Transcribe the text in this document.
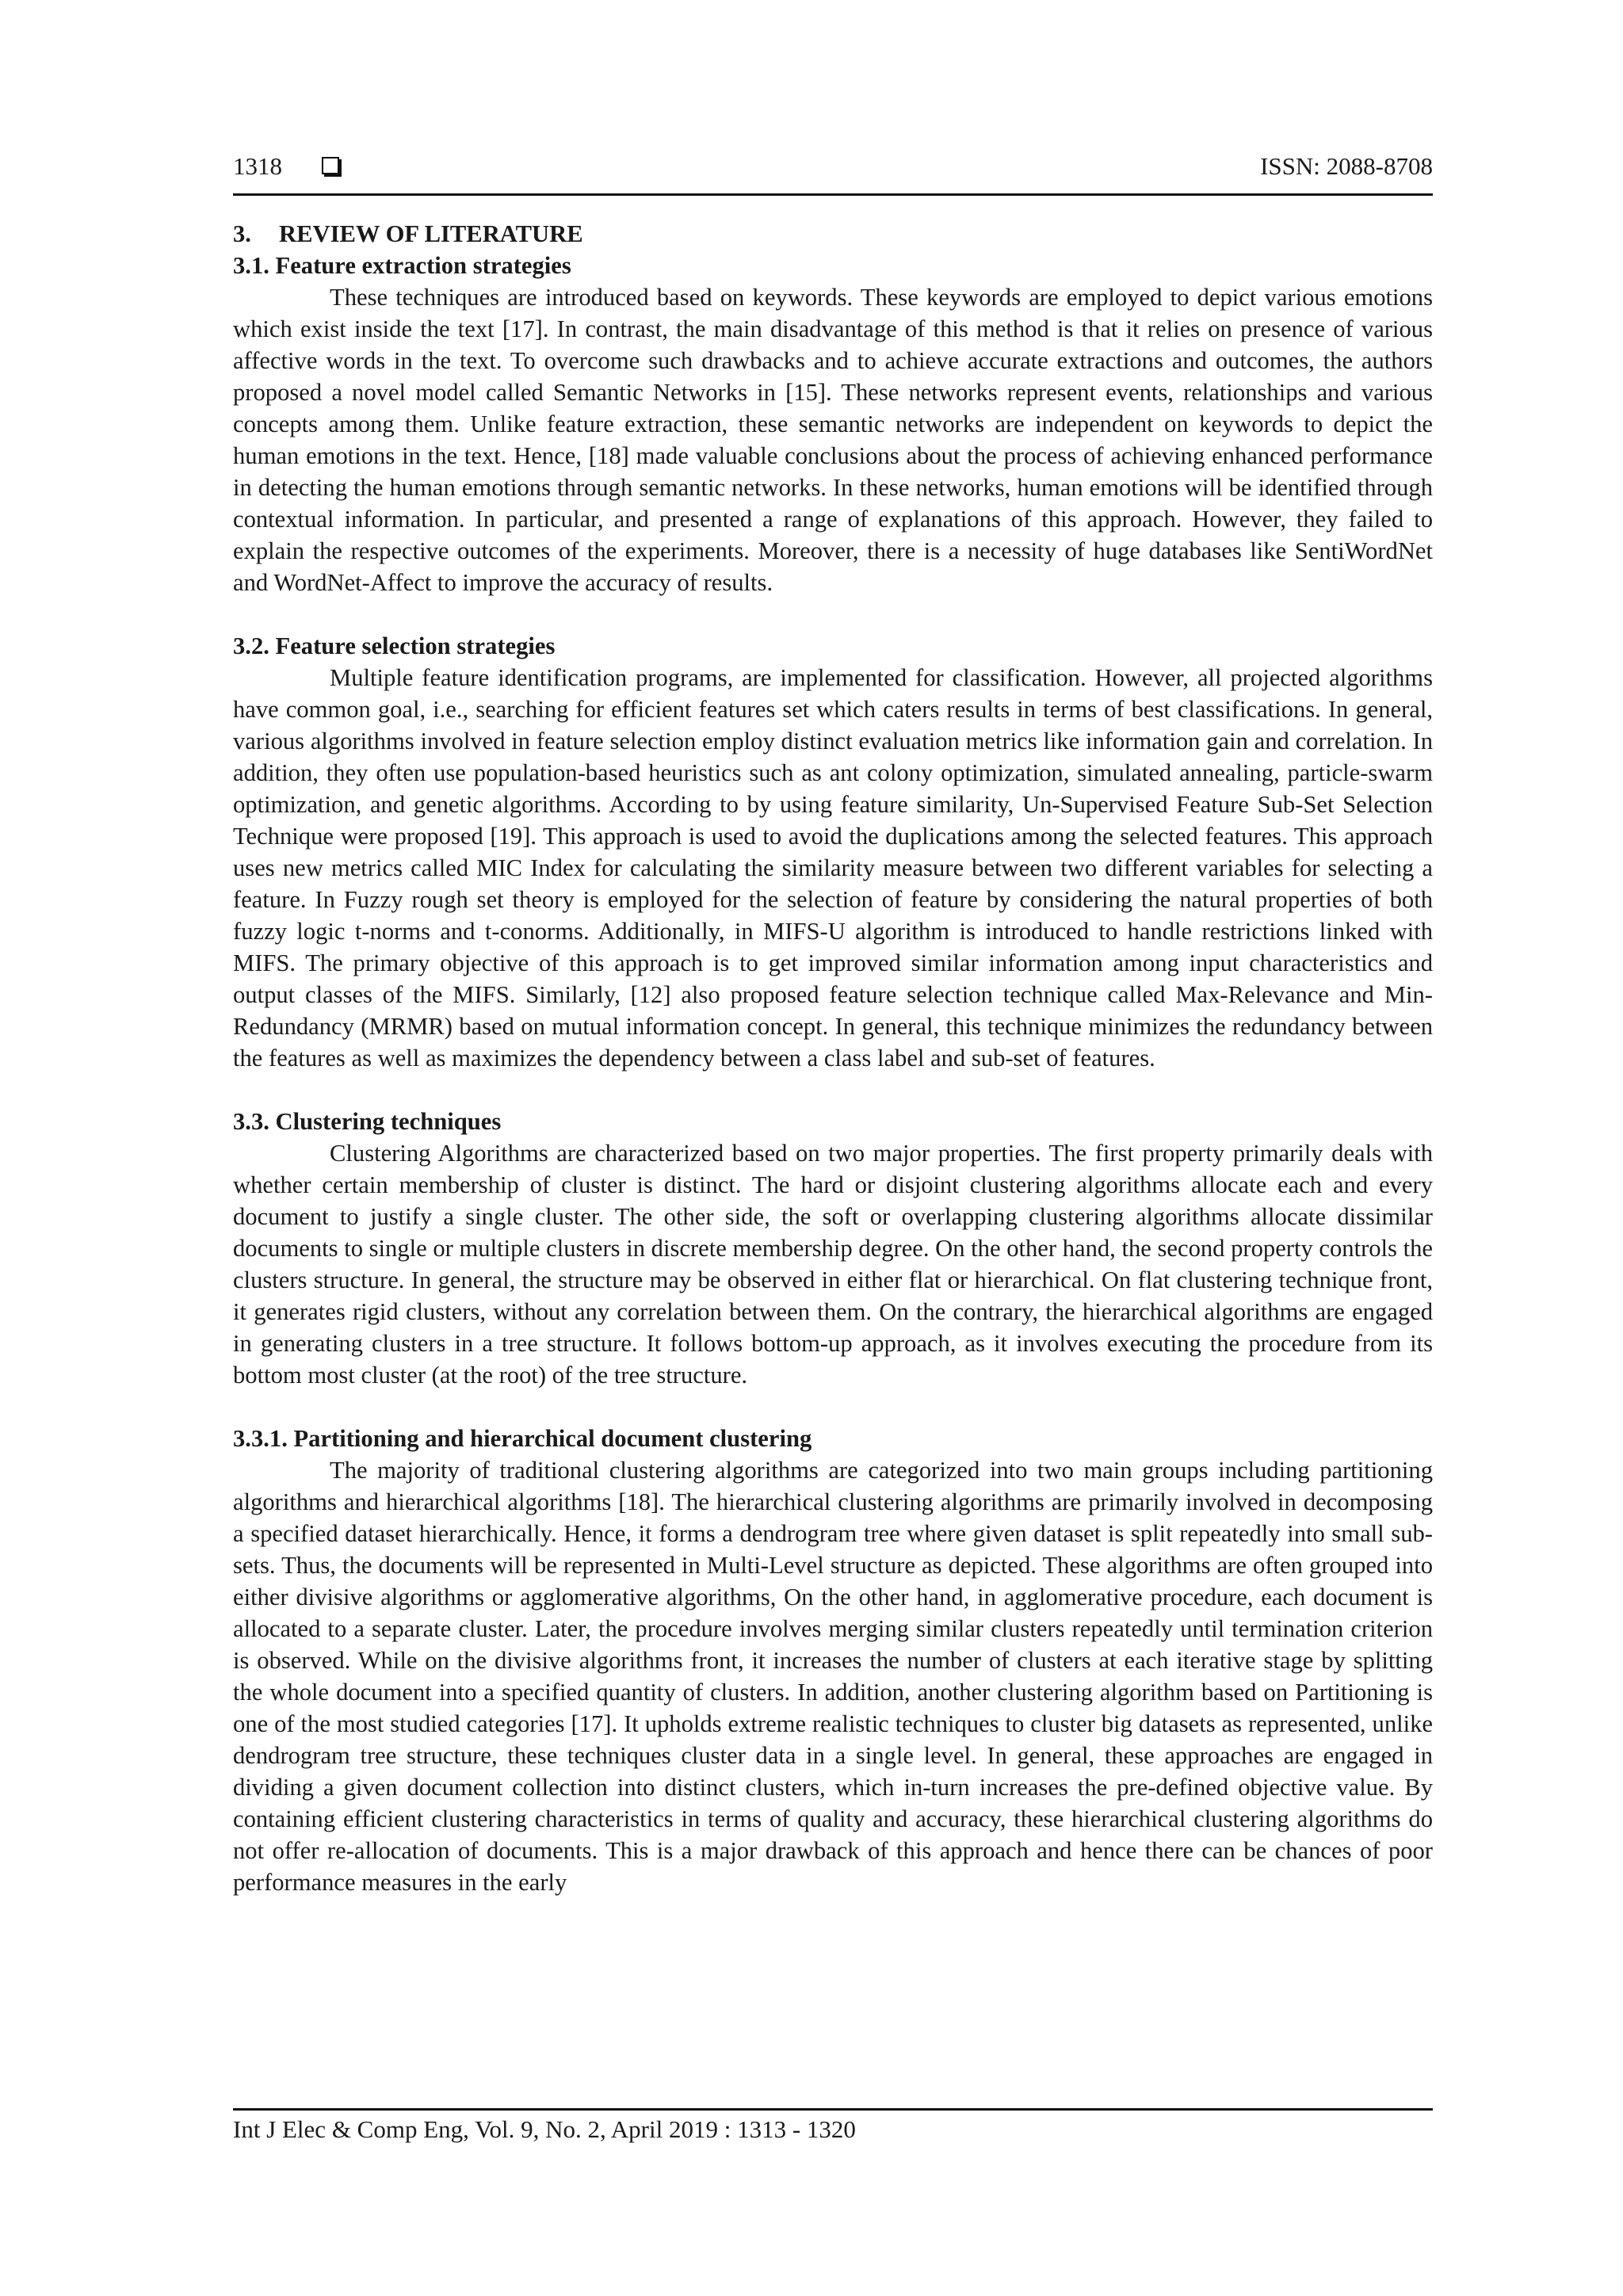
1318	ISSN: 2088-8708

3. REVIEW OF LITERATURE

3.1. Feature extraction strategies

These techniques are introduced based on keywords. These keywords are employed to depict various emotions which exist inside the text [17]. In contrast, the main disadvantage of this method is that it relies on presence of various affective words in the text. To overcome such drawbacks and to achieve accurate extractions and outcomes, the authors proposed a novel model called Semantic Networks in [15]. These networks represent events, relationships and various concepts among them. Unlike feature extraction, these semantic networks are independent on keywords to depict the human emotions in the text. Hence, [18] made valuable conclusions about the process of achieving enhanced performance in detecting the human emotions through semantic networks. In these networks, human emotions will be identified through contextual information. In particular, and presented a range of explanations of this approach. However, they failed to explain the respective outcomes of the experiments. Moreover, there is a necessity of huge databases like SentiWordNet and WordNet-Affect to improve the accuracy of results.

3.2. Feature selection strategies

Multiple feature identification programs, are implemented for classification. However, all projected algorithms have common goal, i.e., searching for efficient features set which caters results in terms of best classifications. In general, various algorithms involved in feature selection employ distinct evaluation metrics like information gain and correlation. In addition, they often use population-based heuristics such as ant colony optimization, simulated annealing, particle-swarm optimization, and genetic algorithms. According to by using feature similarity, Un-Supervised Feature Sub-Set Selection Technique were proposed [19]. This approach is used to avoid the duplications among the selected features. This approach uses new metrics called MIC Index for calculating the similarity measure between two different variables for selecting a feature. In Fuzzy rough set theory is employed for the selection of feature by considering the natural properties of both fuzzy logic t-norms and t-conorms. Additionally, in MIFS-U algorithm is introduced to handle restrictions linked with MIFS. The primary objective of this approach is to get improved similar information among input characteristics and output classes of the MIFS. Similarly, [12] also proposed feature selection technique called Max-Relevance and Min-Redundancy (MRMR) based on mutual information concept. In general, this technique minimizes the redundancy between the features as well as maximizes the dependency between a class label and sub-set of features.

3.3. Clustering techniques

Clustering Algorithms are characterized based on two major properties. The first property primarily deals with whether certain membership of cluster is distinct. The hard or disjoint clustering algorithms allocate each and every document to justify a single cluster. The other side, the soft or overlapping clustering algorithms allocate dissimilar documents to single or multiple clusters in discrete membership degree. On the other hand, the second property controls the clusters structure. In general, the structure may be observed in either flat or hierarchical. On flat clustering technique front, it generates rigid clusters, without any correlation between them. On the contrary, the hierarchical algorithms are engaged in generating clusters in a tree structure. It follows bottom-up approach, as it involves executing the procedure from its bottom most cluster (at the root) of the tree structure.

3.3.1. Partitioning and hierarchical document clustering

The majority of traditional clustering algorithms are categorized into two main groups including partitioning algorithms and hierarchical algorithms [18]. The hierarchical clustering algorithms are primarily involved in decomposing a specified dataset hierarchically. Hence, it forms a dendrogram tree where given dataset is split repeatedly into small sub-sets. Thus, the documents will be represented in Multi-Level structure as depicted. These algorithms are often grouped into either divisive algorithms or agglomerative algorithms, On the other hand, in agglomerative procedure, each document is allocated to a separate cluster. Later, the procedure involves merging similar clusters repeatedly until termination criterion is observed. While on the divisive algorithms front, it increases the number of clusters at each iterative stage by splitting the whole document into a specified quantity of clusters. In addition, another clustering algorithm based on Partitioning is one of the most studied categories [17]. It upholds extreme realistic techniques to cluster big datasets as represented, unlike dendrogram tree structure, these techniques cluster data in a single level. In general, these approaches are engaged in dividing a given document collection into distinct clusters, which in-turn increases the pre-defined objective value. By containing efficient clustering characteristics in terms of quality and accuracy, these hierarchical clustering algorithms do not offer re-allocation of documents. This is a major drawback of this approach and hence there can be chances of poor performance measures in the early

Int J Elec & Comp Eng, Vol. 9, No. 2, April 2019 : 1313 - 1320
